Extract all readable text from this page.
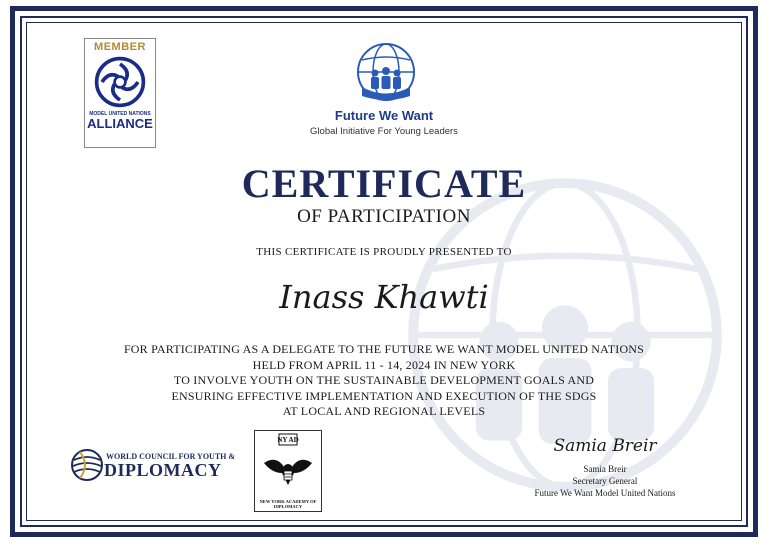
MEMBER
MODEL UNITED NATIONS
ALLIANCE
Future We Want
Global Initiative For Young Leaders
CERTIFICATE
OF PARTICIPATION
THIS CERTIFICATE IS PROUDLY PRESENTED TO
Inass Khawti
FOR PARTICIPATING AS A DELEGATE TO THE FUTURE WE WANT MODEL UNITED NATIONS
HELD FROM APRIL 11 - 14, 2024 IN NEW YORK
TO INVOLVE YOUTH ON THE SUSTAINABLE DEVELOPMENT GOALS AND
ENSURING EFFECTIVE IMPLEMENTATION AND EXECUTION OF THE SDGS
AT LOCAL AND REGIONAL LEVELS
WORLD COUNCIL FOR YOUTH &
DIPLOMACY
NY AD
NEW YORK ACADEMY OF DIPLOMACY
Samia Breir
Samia Breir
Secretary General
Future We Want Model United Nations
